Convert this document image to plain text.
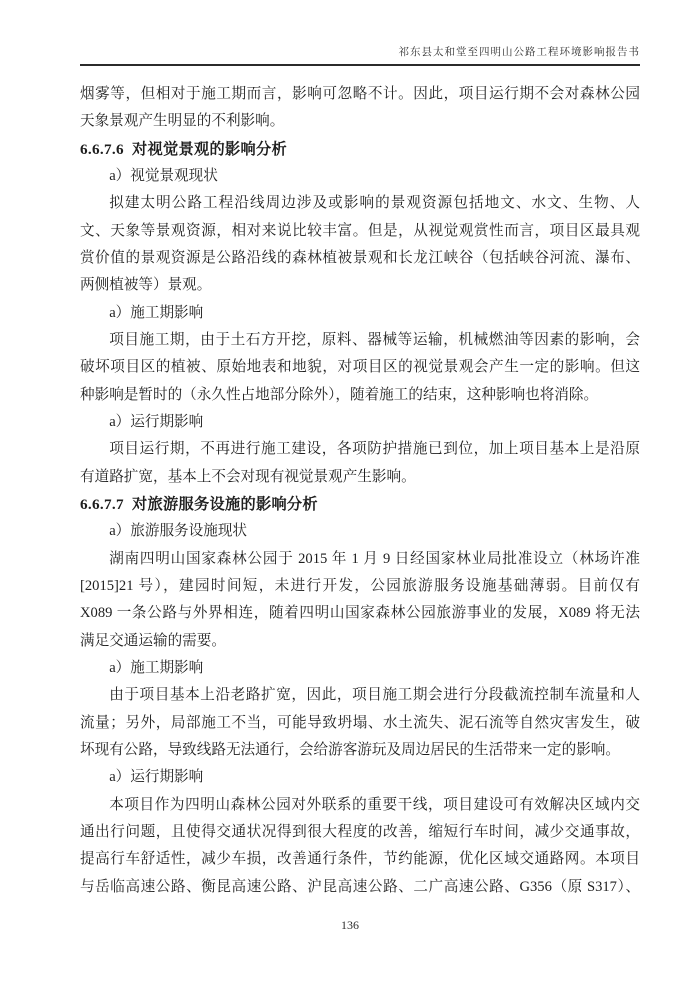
祁东县太和堂至四明山公路工程环境影响报告书
烟雾等，但相对于施工期而言，影响可忽略不计。因此，项目运行期不会对森林公园
天象景观产生明显的不利影响。
6.6.7.6  对视觉景观的影响分析
a）视觉景观现状
拟建太明公路工程沿线周边涉及或影响的景观资源包括地文、水文、生物、人
文、天象等景观资源，相对来说比较丰富。但是，从视觉观赏性而言，项目区最具观
赏价值的景观资源是公路沿线的森林植被景观和长龙江峡谷（包括峡谷河流、瀑布、
两侧植被等）景观。
a）施工期影响
项目施工期，由于土石方开挖，原料、器械等运输，机械燃油等因素的影响，会
破坏项目区的植被、原始地表和地貌，对项目区的视觉景观会产生一定的影响。但这
种影响是暂时的（永久性占地部分除外），随着施工的结束，这种影响也将消除。
a）运行期影响
项目运行期，不再进行施工建设，各项防护措施已到位，加上项目基本上是沿原
有道路扩宽，基本上不会对现有视觉景观产生影响。
6.6.7.7  对旅游服务设施的影响分析
a）旅游服务设施现状
湖南四明山国家森林公园于 2015 年 1 月 9 日经国家林业局批准设立（林场许准
[2015]21 号），建园时间短，未进行开发，公园旅游服务设施基础薄弱。目前仅有
X089 一条公路与外界相连，随着四明山国家森林公园旅游事业的发展，X089 将无法
满足交通运输的需要。
a）施工期影响
由于项目基本上沿老路扩宽，因此，项目施工期会进行分段截流控制车流量和人
流量；另外，局部施工不当，可能导致坍塌、水土流失、泥石流等自然灾害发生，破
坏现有公路，导致线路无法通行，会给游客游玩及周边居民的生活带来一定的影响。
a）运行期影响
本项目作为四明山森林公园对外联系的重要干线，项目建设可有效解决区域内交
通出行问题，且使得交通状况得到很大程度的改善，缩短行车时间，减少交通事故，
提高行车舒适性，减少车损，改善通行条件，节约能源，优化区域交通路网。本项目
与岳临高速公路、衡昆高速公路、沪昆高速公路、二广高速公路、G356（原 S317）、
136
